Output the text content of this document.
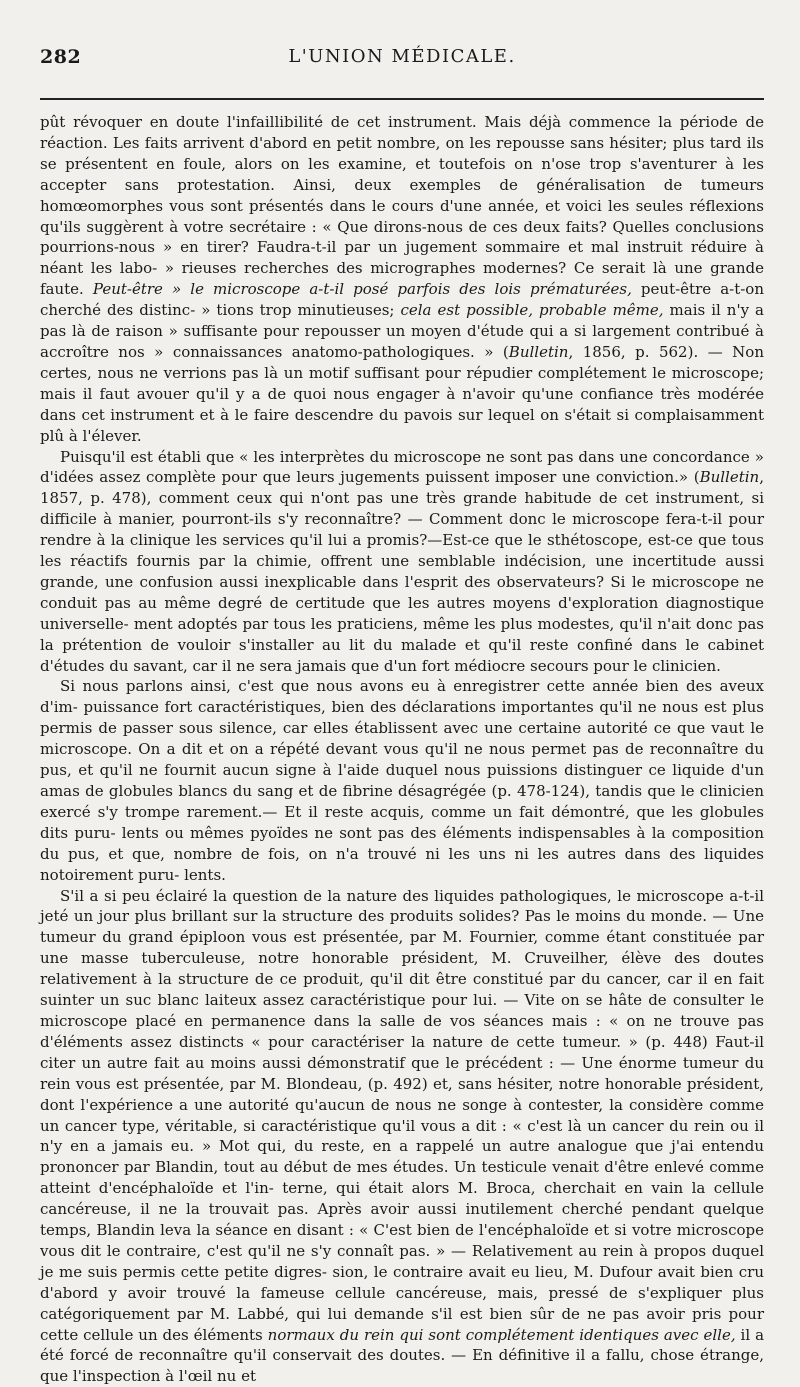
282	L'UNION MÉDICALE.

pût révoquer en doute l'infaillibilité de cet instrument. Mais déjà commence la période de réaction. Les faits arrivent d'abord en petit nombre, on les repousse sans hésiter; plus tard ils se présentent en foule, alors on les examine, et toutefois on n'ose trop s'aventurer à les accepter sans protestation. Ainsi, deux exemples de généralisation de tumeurs homœomorphes vous sont présentés dans le cours d'une année, et voici les seules réflexions qu'ils suggèrent à votre secrétaire : « Que dirons-nous de ces deux faits? Quelles conclusions pourrions-nous » en tirer? Faudra-t-il par un jugement sommaire et mal instruit réduire à néant les labo- » rieuses recherches des micrographes modernes? Ce serait là une grande faute. Peut-être » le microscope a-t-il posé parfois des lois prématurées, peut-être a-t-on cherché des distinc- » tions trop minutieuses; cela est possible, probable même, mais il n'y a pas là de raison » suffisante pour repousser un moyen d'étude qui a si largement contribué à accroître nos » connaissances anatomo-pathologiques. » (Bulletin, 1856, p. 562). — Non certes, nous ne verrions pas là un motif suffisant pour répudier complétement le microscope; mais il faut avouer qu'il y a de quoi nous engager à n'avoir qu'une confiance très modérée dans cet instrument et à le faire descendre du pavois sur lequel on s'était si complaisamment plû à l'élever.

Puisqu'il est établi que « les interprètes du microscope ne sont pas dans une concordance » d'idées assez complète pour que leurs jugements puissent imposer une conviction.» (Bulletin, 1857, p. 478), comment ceux qui n'ont pas une très grande habitude de cet instrument, si difficile à manier, pourront-ils s'y reconnaître? — Comment donc le microscope fera-t-il pour rendre à la clinique les services qu'il lui a promis?—Est-ce que le sthétoscope, est-ce que tous les réactifs fournis par la chimie, offrent une semblable indécision, une incertitude aussi grande, une confusion aussi inexplicable dans l'esprit des observateurs? Si le microscope ne conduit pas au même degré de certitude que les autres moyens d'exploration diagnostique universelle- ment adoptés par tous les praticiens, même les plus modestes, qu'il n'ait donc pas la prétention de vouloir s'installer au lit du malade et qu'il reste confiné dans le cabinet d'études du savant, car il ne sera jamais que d'un fort médiocre secours pour le clinicien.

Si nous parlons ainsi, c'est que nous avons eu à enregistrer cette année bien des aveux d'im- puissance fort caractéristiques, bien des déclarations importantes qu'il ne nous est plus permis de passer sous silence, car elles établissent avec une certaine autorité ce que vaut le microscope. On a dit et on a répété devant vous qu'il ne nous permet pas de reconnaître du pus, et qu'il ne fournit aucun signe à l'aide duquel nous puissions distinguer ce liquide d'un amas de globules blancs du sang et de fibrine désagrégée (p. 478-124), tandis que le clinicien exercé s'y trompe rarement.— Et il reste acquis, comme un fait démontré, que les globules dits puru- lents ou mêmes pyoïdes ne sont pas des éléments indispensables à la composition du pus, et que, nombre de fois, on n'a trouvé ni les uns ni les autres dans des liquides notoirement puru- lents.

S'il a si peu éclairé la question de la nature des liquides pathologiques, le microscope a-t-il jeté un jour plus brillant sur la structure des produits solides? Pas le moins du monde. — Une tumeur du grand épiploon vous est présentée, par M. Fournier, comme étant constituée par une masse tuberculeuse, notre honorable président, M. Cruveilher, élève des doutes relativement à la structure de ce produit, qu'il dit être constitué par du cancer, car il en fait suinter un suc blanc laiteux assez caractéristique pour lui. — Vite on se hâte de consulter le microscope placé en permanence dans la salle de vos séances mais : « on ne trouve pas d'éléments assez distincts « pour caractériser la nature de cette tumeur. » (p. 448) Faut-il citer un autre fait au moins aussi démonstratif que le précédent : — Une énorme tumeur du rein vous est présentée, par M. Blondeau, (p. 492) et, sans hésiter, notre honorable président, dont l'expérience a une autorité qu'aucun de nous ne songe à contester, la considère comme un cancer type, véritable, si caractéristique qu'il vous a dit : « c'est là un cancer du rein ou il n'y en a jamais eu. » Mot qui, du reste, en a rappelé un autre analogue que j'ai entendu prononcer par Blandin, tout au début de mes études. Un testicule venait d'être enlevé comme atteint d'encéphaloïde et l'in- terne, qui était alors M. Broca, cherchait en vain la cellule cancéreuse, il ne la trouvait pas. Après avoir aussi inutilement cherché pendant quelque temps, Blandin leva la séance en disant : « C'est bien de l'encéphaloïde et si votre microscope vous dit le contraire, c'est qu'il ne s'y connaît pas. » — Relativement au rein à propos duquel je me suis permis cette petite digres- sion, le contraire avait eu lieu, M. Dufour avait bien cru d'abord y avoir trouvé la fameuse cellule cancéreuse, mais, pressé de s'expliquer plus catégoriquement par M. Labbé, qui lui demande s'il est bien sûr de ne pas avoir pris pour cette cellule un des éléments normaux du rein qui sont complétement identiques avec elle, il a été forcé de reconnaître qu'il conservait des doutes. — En définitive il a fallu, chose étrange, que l'inspection à l'œil nu et
